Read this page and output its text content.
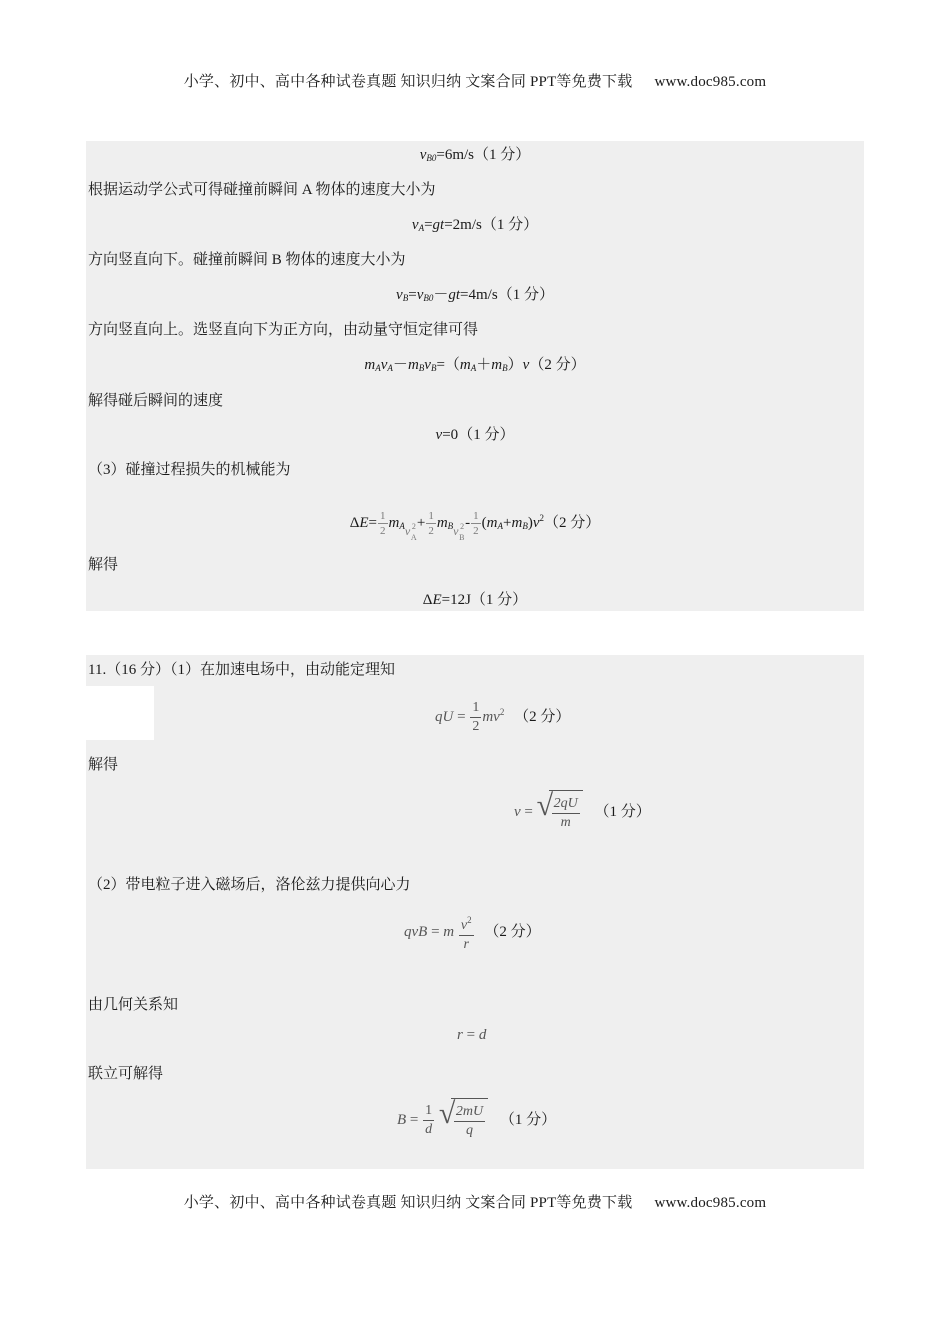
小学、初中、高中各种试卷真题 知识归纳 文案合同 PPT等免费下载 www.doc985.com
$v_{B0}=6m/s(1$ 分）
根据运动学公式可得碰撞前瞬间 A 物体的速度大小为
$v_A=gt=2m/s(1$ 分）
方向竖直向下。碰撞前瞬间 B 物体的速度大小为
$v_B=v_{B0}-gt=4m/s(1$ 分）
方向竖直向上。选竖直向下为正方向，由动量守恒定律可得
$m_Av_A-m_Bv_B=(m_A+m_B)v(2$ 分）
解得碰后瞬间的速度
v=0（1 分）
（3）碰撞过程损失的机械能为
$\Delta E= \frac{1}{2} m_A$ v 2
A
+ $\frac{1}{2} m_B$ v 2
B
- $\frac{1}{2} (m_A+m_B)v^2(2$ 分）
解得
ΔE=12J（1 分）
11.（16 分）（1）在加速电场中，由动能定理知
qU = $\frac{1}{2} mv^2$ （2 分）
解得
v = √
$\frac{2qU}{m} (1$ 分）
（2）带电粒子进入磁场后，洛伦兹力提供向心力
qvB = m $\frac{v^2}{r} (2$ 分）
由几何关系知
r = d
联立可解得
$B = \frac{1}{d}$
√
$\frac{2mU}{q} (1$ 分）
小学、初中、高中各种试卷真题 知识归纳 文案合同 PPT等免费下载 www.doc985.com
